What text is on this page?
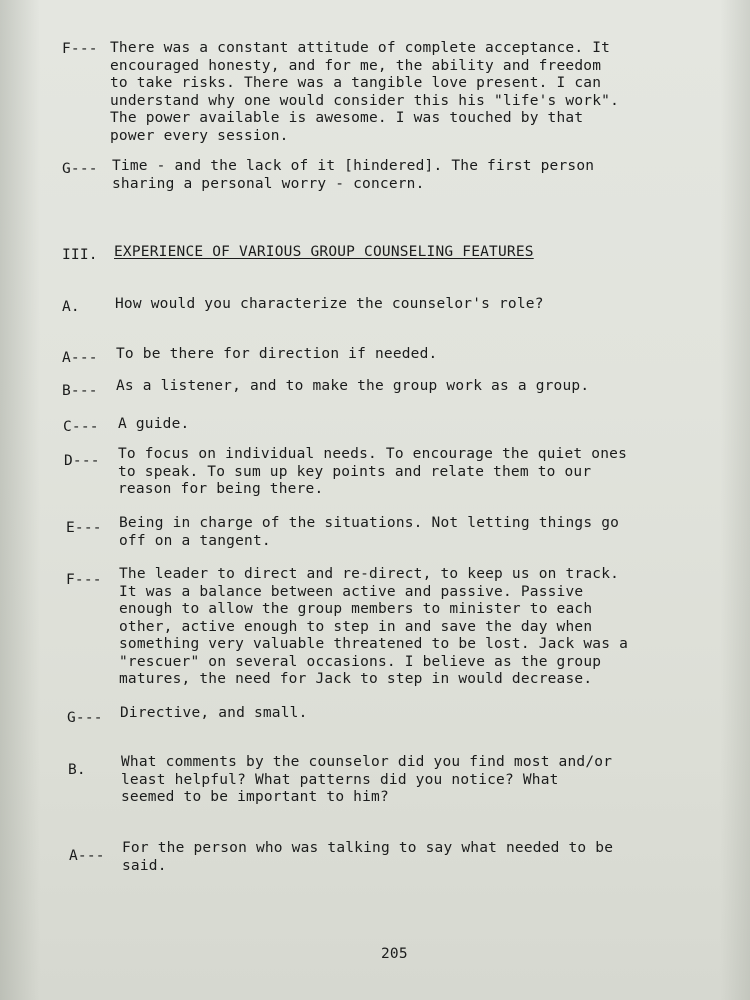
F--- There was a constant attitude of complete acceptance. It
encouraged honesty, and for me, the ability and freedom
to take risks. There was a tangible love present. I can
understand why one would consider this his "life's work".
The power available is awesome. I was touched by that
power every session.
G--- Time - and the lack of it [hindered]. The first person
sharing a personal worry - concern.
III. EXPERIENCE OF VARIOUS GROUP COUNSELING FEATURES
A. How would you characterize the counselor's role?
A--- To be there for direction if needed.
B--- As a listener, and to make the group work as a group.
C--- A guide.
D--- To focus on individual needs. To encourage the quiet ones
to speak. To sum up key points and relate them to our
reason for being there.
E--- Being in charge of the situations. Not letting things go
off on a tangent.
F--- The leader to direct and re-direct, to keep us on track.
It was a balance between active and passive. Passive
enough to allow the group members to minister to each
other, active enough to step in and save the day when
something very valuable threatened to be lost. Jack was a
"rescuer" on several occasions. I believe as the group
matures, the need for Jack to step in would decrease.
G--- Directive, and small.
B. What comments by the counselor did you find most and/or
least helpful? What patterns did you notice? What
seemed to be important to him?
A--- For the person who was talking to say what needed to be
said.
205
